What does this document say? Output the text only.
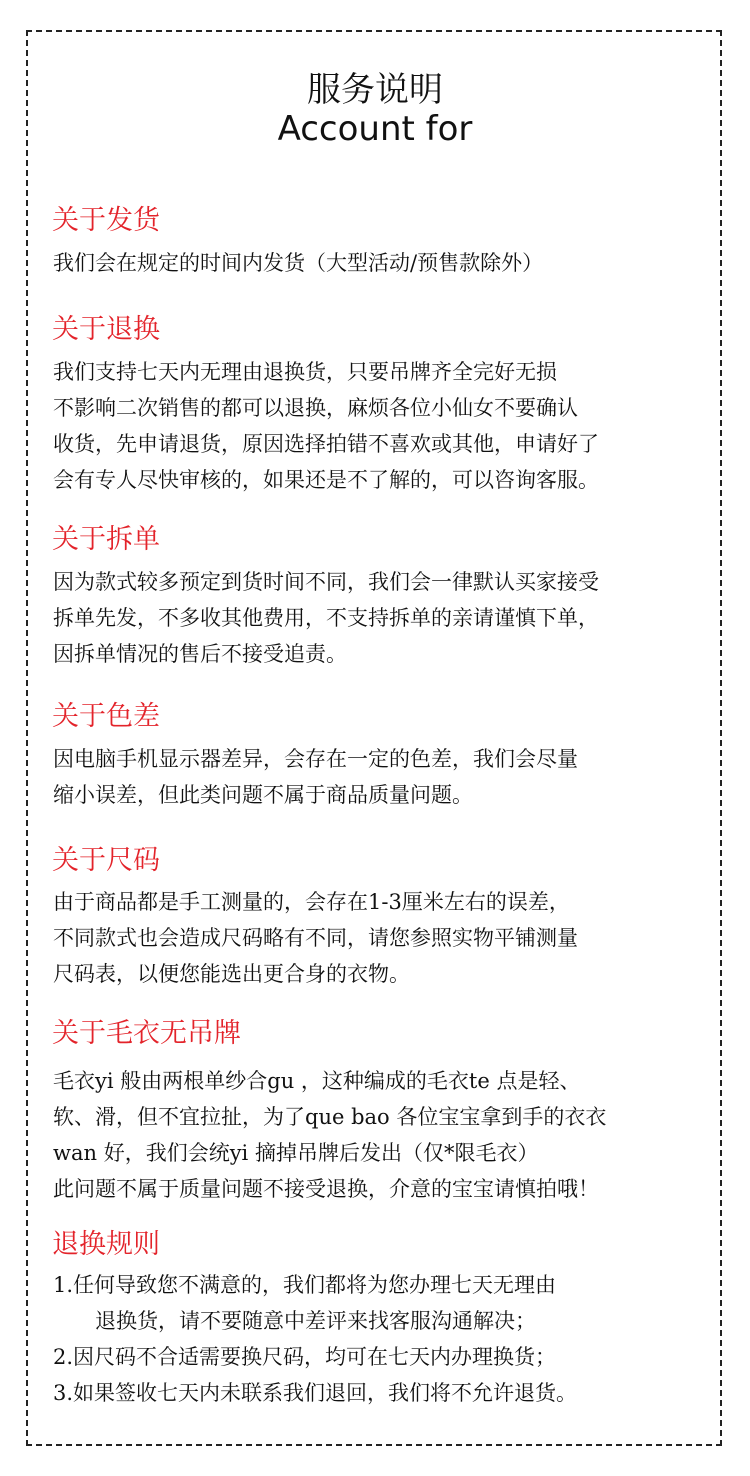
服务说明
Account for
关于发货
我们会在规定的时间内发货（大型活动/预售款除外）
关于退换
我们支持七天内无理由退换货，只要吊牌齐全完好无损
不影响二次销售的都可以退换，麻烦各位小仙女不要确认
收货，先申请退货，原因选择拍错不喜欢或其他，申请好了
会有专人尽快审核的，如果还是不了解的，可以咨询客服。
关于拆单
因为款式较多预定到货时间不同，我们会一律默认买家接受
拆单先发，不多收其他费用，不支持拆单的亲请谨慎下单，
因拆单情况的售后不接受追责。
关于色差
因电脑手机显示器差异，会存在一定的色差，我们会尽量
缩小误差，但此类问题不属于商品质量问题。
关于尺码
由于商品都是手工测量的，会存在1-3厘米左右的误差，
不同款式也会造成尺码略有不同，请您参照实物平铺测量
尺码表，以便您能选出更合身的衣物。
关于毛衣无吊牌
毛衣yi 般由两根单纱合gu ，这种编成的毛衣te 点是轻、
软、滑，但不宜拉扯，为了que bao 各位宝宝拿到手的衣衣
wan 好，我们会统yi 摘掉吊牌后发出（仅*限毛衣）
此问题不属于质量问题不接受退换，介意的宝宝请慎拍哦！
退换规则
1.任何导致您不满意的，我们都将为您办理七天无理由
退换货，请不要随意中差评来找客服沟通解决；
2.因尺码不合适需要换尺码，均可在七天内办理换货；
3.如果签收七天内未联系我们退回，我们将不允许退货。
